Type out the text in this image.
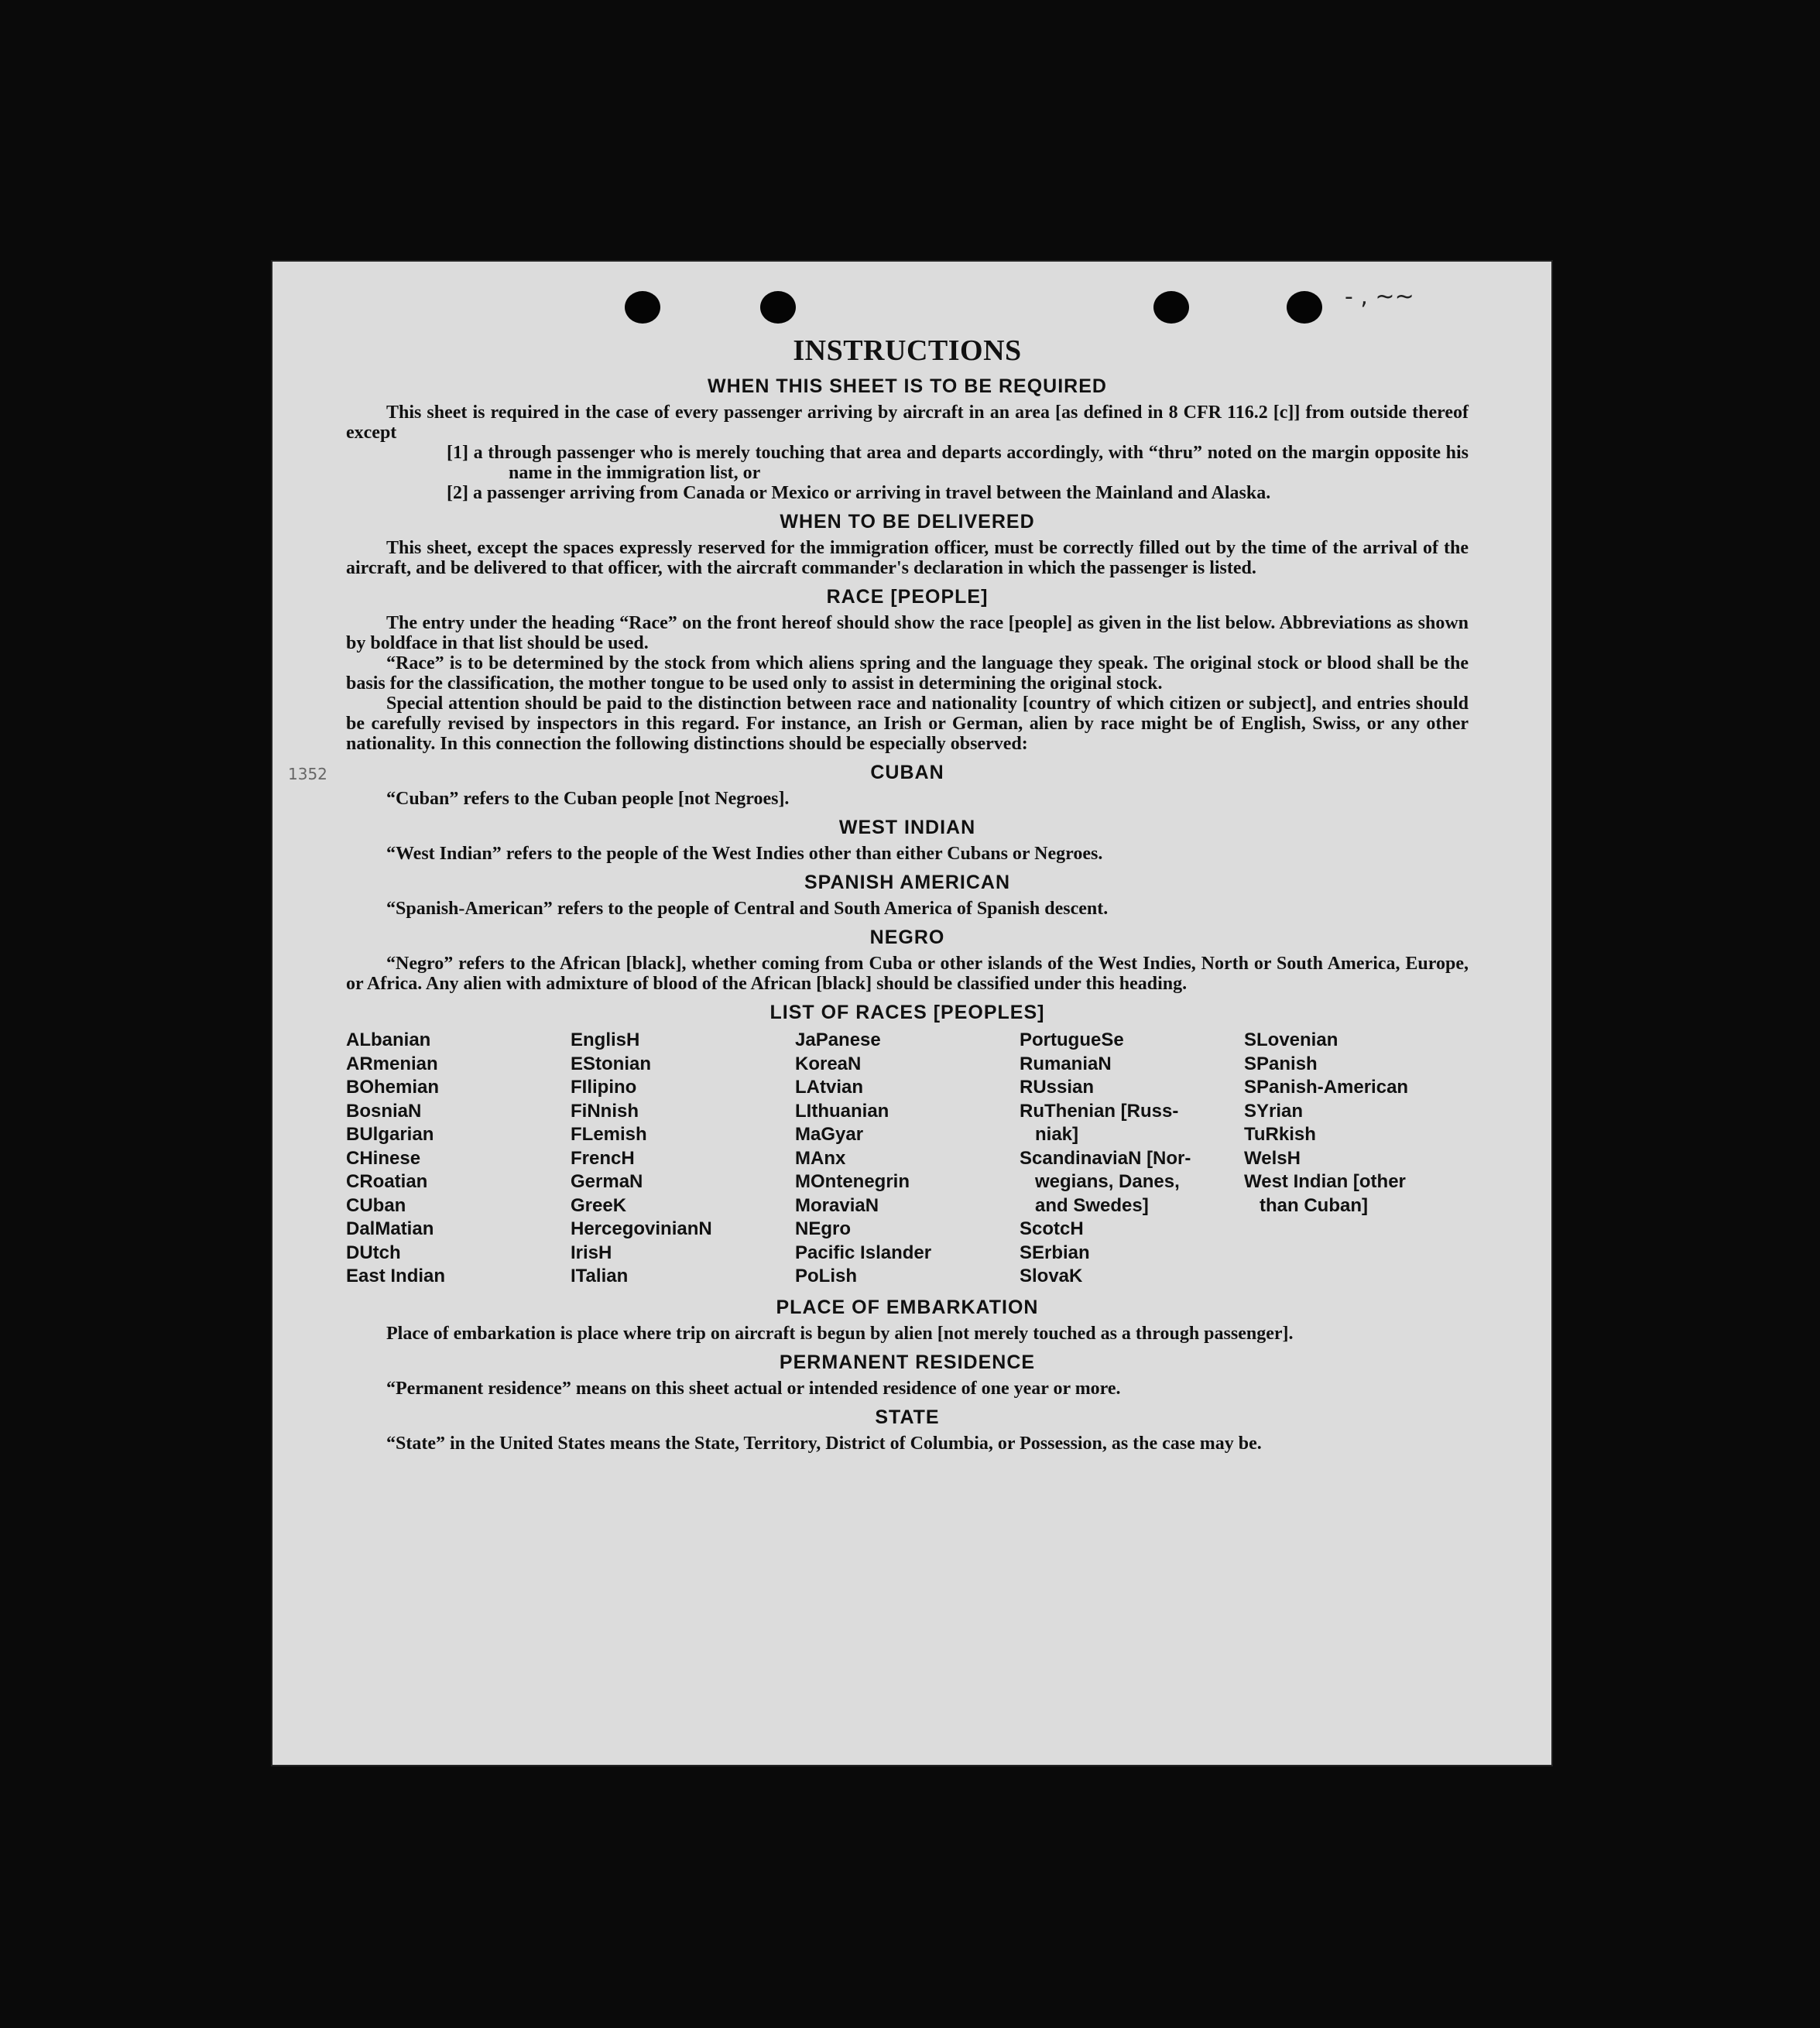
- , ~~
1352
INSTRUCTIONS
WHEN THIS SHEET IS TO BE REQUIRED

This sheet is required in the case of every passenger arriving by aircraft in an area [as defined in 8 CFR 116.2 [c]] from outside thereof except

[1] a through passenger who is merely touching that area and departs accordingly, with “thru” noted on the margin opposite his name in the immigration list, or

[2] a passenger arriving from Canada or Mexico or arriving in travel between the Mainland and Alaska.

WHEN TO BE DELIVERED

This sheet, except the spaces expressly reserved for the immigration officer, must be correctly filled out by the time of the arrival of the aircraft, and be delivered to that officer, with the aircraft commander's declaration in which the passenger is listed.

RACE [PEOPLE]

The entry under the heading “Race” on the front hereof should show the race [people] as given in the list below. Abbreviations as shown by boldface in that list should be used.

“Race” is to be determined by the stock from which aliens spring and the language they speak. The original stock or blood shall be the basis for the classification, the mother tongue to be used only to assist in determining the original stock.

Special attention should be paid to the distinction between race and nationality [country of which citizen or subject], and entries should be carefully revised by inspectors in this regard. For instance, an Irish or German, alien by race might be of English, Swiss, or any other nationality. In this connection the following distinctions should be especially observed:

CUBAN

“Cuban” refers to the Cuban people [not Negroes].

WEST INDIAN

“West Indian” refers to the people of the West Indies other than either Cubans or Negroes.

SPANISH AMERICAN

“Spanish-American” refers to the people of Central and South America of Spanish descent.

NEGRO

“Negro” refers to the African [black], whether coming from Cuba or other islands of the West Indies, North or South America, Europe, or Africa. Any alien with admixture of blood of the African [black] should be classified under this heading.

LIST OF RACES [PEOPLES]
ALbanian
ARmenian
BOhemian
BosniaN
BUlgarian
CHinese
CRoatian
CUban
DalMatian
DUtch
East Indian
EnglisH
EStonian
FIlipino
FiNnish
FLemish
FrencH
GermaN
GreeK
HercegovinianN
IrisH
ITalian
JaPanese
KoreaN
LAtvian
LIthuanian
MaGyar
MAnx
MOntenegrin
MoraviaN
NEgro
Pacific Islander
PoLish
PortugueSe
RumaniaN
RUssian
RuThenian [Russ-
niak]
ScandinaviaN [Nor-
wegians, Danes,
and Swedes]
ScotcH
SErbian
SlovaK
SLovenian
SPanish
SPanish-American
SYrian
TuRkish
WelsH
West Indian [other
than Cuban]
PLACE OF EMBARKATION

Place of embarkation is place where trip on aircraft is begun by alien [not merely touched as a through passenger].

PERMANENT RESIDENCE

“Permanent residence” means on this sheet actual or intended residence of one year or more.

STATE

“State” in the United States means the State, Territory, District of Columbia, or Possession, as the case may be.
